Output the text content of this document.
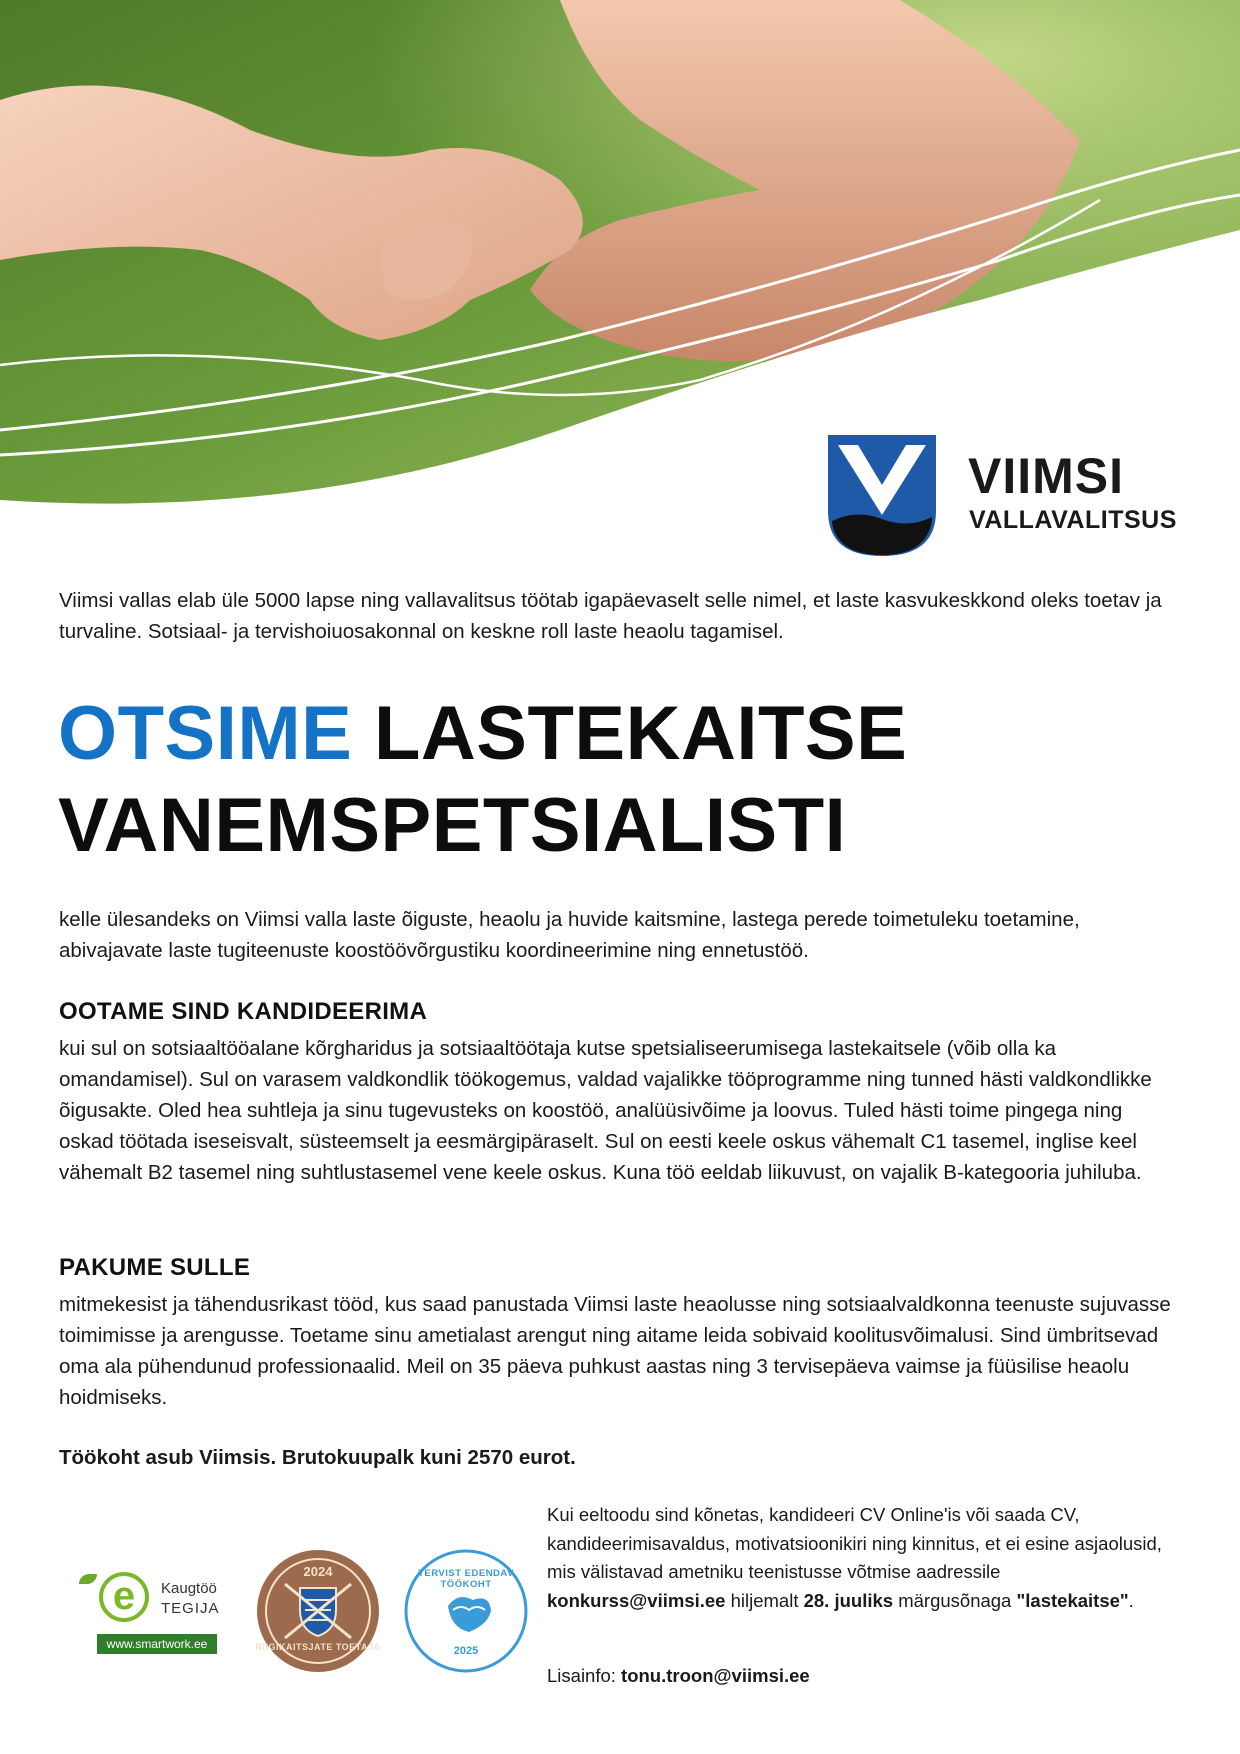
VIIMSI
VALLAVALITSUS

Viimsi vallas elab üle 5000 lapse ning vallavalitsus töötab igapäevaselt selle nimel, et laste kasvukeskkond oleks toetav ja turvaline. Sotsiaal- ja tervishoiuosakonnal on keskne roll laste heaolu tagamisel.

OTSIME LASTEKAITSE
VANEMSPETSIALISTI

kelle ülesandeks on Viimsi valla laste õiguste, heaolu ja huvide kaitsmine, lastega perede toimetuleku toetamine, abivajavate laste tugiteenuste koostöövõrgustiku koordineerimine ning ennetustöö.

OOTAME SIND KANDIDEERIMA

kui sul on sotsiaaltööalane kõrgharidus ja sotsiaaltöötaja kutse spetsialiseerumisega lastekaitsele (võib olla ka omandamisel). Sul on varasem valdkondlik töökogemus, valdad vajalikke tööprogramme ning tunned hästi valdkondlikke õigusakte. Oled hea suhtleja ja sinu tugevusteks on koostöö, analüüsivõime ja loovus. Tuled hästi toime pingega ning oskad töötada iseseisvalt, süsteemselt ja eesmärgipäraselt. Sul on eesti keele oskus vähemalt C1 tasemel, inglise keel vähemalt B2 tasemel ning suhtlustasemel vene keele oskus. Kuna töö eeldab liikuvust, on vajalik B-kategooria juhiluba.

PAKUME SULLE

mitmekesist ja tähendusrikast tööd, kus saad panustada Viimsi laste heaolusse ning sotsiaalvaldkonna teenuste sujuvasse toimimisse ja arengusse. Toetame sinu ametialast arengut ning aitame leida sobivaid koolitusvõimalusi. Sind ümbritsevad oma ala pühendunud professionaalid. Meil on 35 päeva puhkust aastas ning 3 tervisepäeva vaimse ja füüsilise heaolu hoidmiseks.

Töökoht asub Viimsis. Brutokuupalk kuni 2570 eurot.

Kui eeltoodu sind kõnetas, kandideeri CV Online'is või saada CV, kandideerimisavaldus, motivatsioonikiri ning kinnitus, et ei esine asjaolusid, mis välistavad ametniku teenistusse võtmise aadressile konkurss@viimsi.ee hiljemalt 28. juuliks märgusõnaga "lastekaitse".

Lisainfo: tonu.troon@viimsi.ee

e	Kaugtöö
TEGIJA
www.smartwork.ee
2024
RIIGIKAITSJATE TOETAJA
TERVIST EDENDAV TÖÖKOHT
2025
